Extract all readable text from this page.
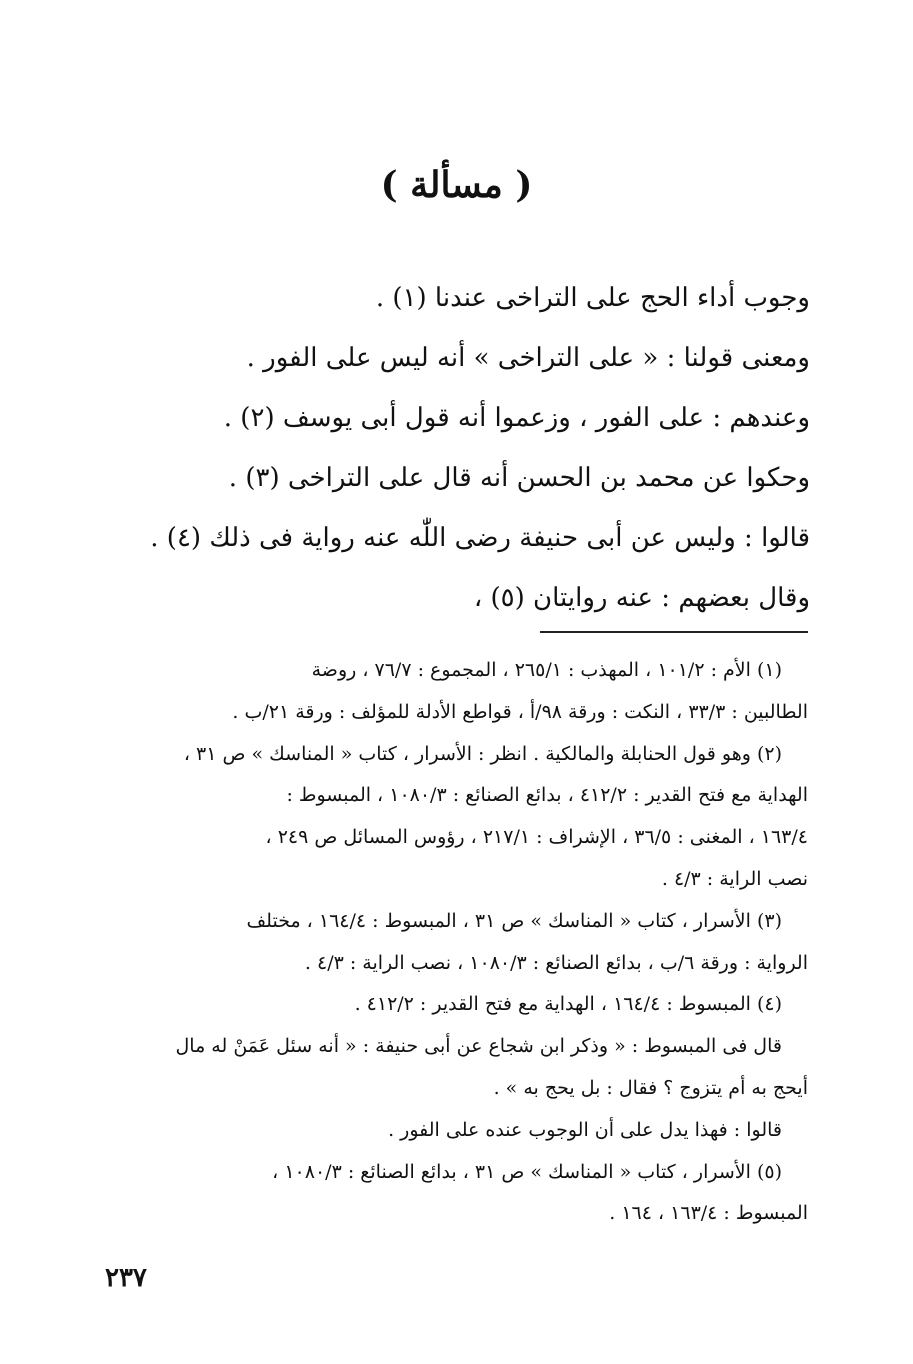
( مسألة )
وجوب أداء الحج على التراخى عندنا (١) .
ومعنى قولنا : « على التراخى » أنه ليس على الفور .
وعندهم : على الفور ، وزعموا أنه قول أبى يوسف (٢) .
وحكوا عن محمد بن الحسن أنه قال على التراخى (٣) .
قالوا : وليس عن أبى حنيفة رضى اللّٰه عنه رواية فى ذلك (٤) .
وقال بعضهم : عنه روايتان (٥) ،
(١) الأم : ١٠١/٢ ، المهذب : ٢٦٥/١ ، المجموع : ٧٦/٧ ، روضة
الطالبين : ٣٣/٣ ، النكت : ورقة ٩٨/أ ، قواطع الأدلة للمؤلف : ورقة ٢١/ب .
(٢) وهو قول الحنابلة والمالكية . انظر : الأسرار ، كتاب « المناسك » ص ٣١ ،
الهداية مع فتح القدير : ٤١٢/٢ ، بدائع الصنائع : ١٠٨٠/٣ ، المبسوط :
١٦٣/٤ ، المغنى : ٣٦/٥ ، الإشراف : ٢١٧/١ ، رؤوس المسائل ص ٢٤٩ ،
نصب الراية : ٤/٣ .
(٣) الأسرار ، كتاب « المناسك » ص ٣١ ، المبسوط : ١٦٤/٤ ، مختلف
الرواية : ورقة ٦/ب ، بدائع الصنائع : ١٠٨٠/٣ ، نصب الراية : ٤/٣ .
(٤) المبسوط : ١٦٤/٤ ، الهداية مع فتح القدير : ٤١٢/٢ .
قال فى المبسوط : « وذكر ابن شجاع عن أبى حنيفة : « أنه سئل عَمَنْ له مال
أيحج به أم يتزوج ؟ فقال : بل يحج به » .
قالوا : فهذا يدل على أن الوجوب عنده على الفور .
(٥) الأسرار ، كتاب « المناسك » ص ٣١ ، بدائع الصنائع : ١٠٨٠/٣ ،
المبسوط : ١٦٣/٤ ، ١٦٤ .
٢٣٧
